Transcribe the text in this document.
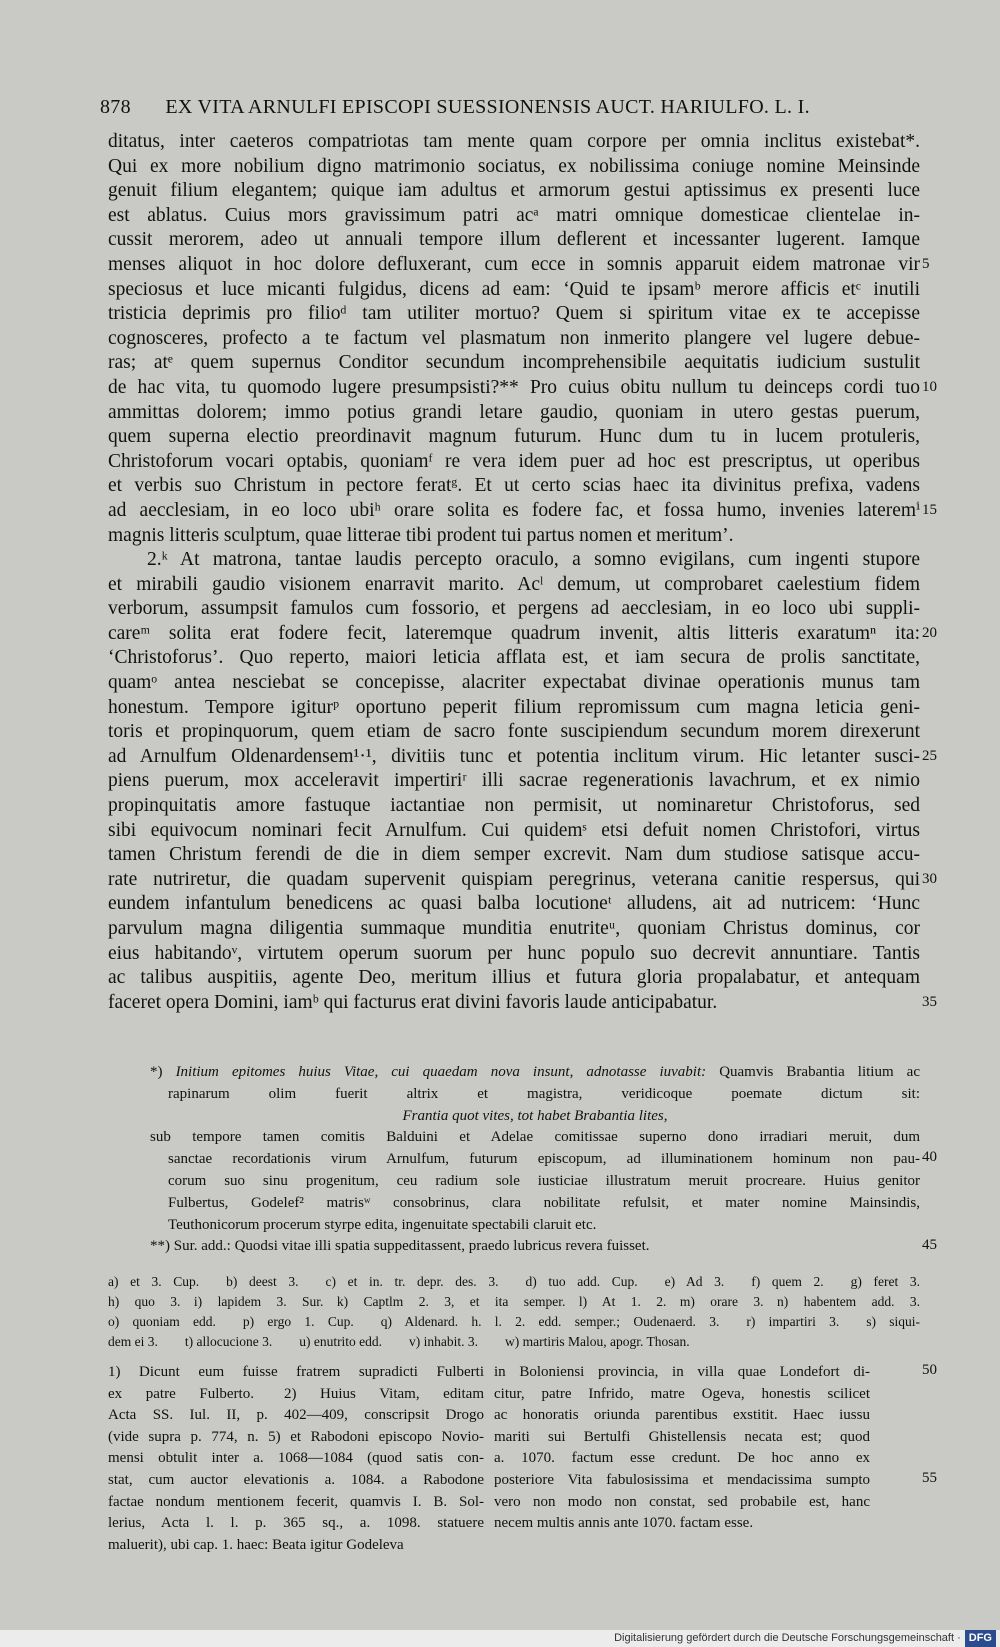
878 EX VITA ARNULFI EPISCOPI SUESSIONENSIS AUCT. HARIULFO. L. I.
ditatus, inter caeteros compatriotas tam mente quam corpore per omnia inclitus existebat*.
Qui ex more nobilium digno matrimonio sociatus, ex nobilissima coniuge nomine Meinsinde
genuit filium elegantem; quique iam adultus et armorum gestui aptissimus ex presenti luce
est ablatus. Cuius mors gravissimum patri acᵃ matri omnique domesticae clientelae in-
cussit merorem, adeo ut annuali tempore illum deflerent et incessanter lugerent. Iamque
menses aliquot in hoc dolore defluxerant, cum ecce in somnis apparuit eidem matronae vir
speciosus et luce micanti fulgidus, dicens ad eam: ‘Quid te ipsamᵇ merore afficis etᶜ inutili
tristicia deprimis pro filioᵈ tam utiliter mortuo? Quem si spiritum vitae ex te accepisse
cognosceres, profecto a te factum vel plasmatum non inmerito plangere vel lugere debue-
ras; atᵉ quem supernus Conditor secundum incomprehensibile aequitatis iudicium sustulit
de hac vita, tu quomodo lugere presumpsisti?** Pro cuius obitu nullum tu deinceps cordi tuo
ammittas dolorem; immo potius grandi letare gaudio, quoniam in utero gestas puerum,
quem superna electio preordinavit magnum futurum. Hunc dum tu in lucem protuleris,
Christoforum vocari optabis, quoniamᶠ re vera idem puer ad hoc est prescriptus, ut operibus
et verbis suo Christum in pectore feratᵍ. Et ut certo scias haec ita divinitus prefixa, vadens
ad aecclesiam, in eo loco ubiʰ orare solita es fodere fac, et fossa humo, invenies lateremⁱ
magnis litteris sculptum, quae litterae tibi prodent tui partus nomen et meritum’.
  2.ᵏ At matrona, tantae laudis percepto oraculo, a somno evigilans, cum ingenti stupore
et mirabili gaudio visionem enarravit marito. Acˡ demum, ut comprobaret caelestium fidem
verborum, assumpsit famulos cum fossorio, et pergens ad aecclesiam, in eo loco ubi suppli-
careᵐ solita erat fodere fecit, lateremque quadrum invenit, altis litteris exaratumⁿ ita:
‘Christoforus’. Quo reperto, maiori leticia afflata est, et iam secura de prolis sanctitate,
quamᵒ antea nesciebat se concepisse, alacriter expectabat divinae operationis munus tam
honestum. Tempore igiturᵖ oportuno peperit filium repromissum cum magna leticia geni-
toris et propinquorum, quem etiam de sacro fonte suscipiendum secundum morem direxerunt
ad Arnulfum Oldenardensem¹·¹, divitiis tunc et potentia inclitum virum. Hic letanter susci-
piens puerum, mox acceleravit impertiriʳ illi sacrae regenerationis lavachrum, et ex nimio
propinquitatis amore fastuque iactantiae non permisit, ut nominaretur Christoforus, sed
sibi equivocum nominari fecit Arnulfum. Cui quidemˢ etsi defuit nomen Christofori, virtus
tamen Christum ferendi de die in diem semper excrevit. Nam dum studiose satisque accu-
rate nutriretur, die quadam supervenit quispiam peregrinus, veterana canitie respersus, qui
eundem infantulum benedicens ac quasi balba locutioneᵗ alludens, ait ad nutricem: ‘Hunc
parvulum magna diligentia summaque munditia enutriteᵘ, quoniam Christus dominus, cor
eius habitandoᵛ, virtutem operum suorum per hunc populo suo decrevit annuntiare. Tantis
ac talibus auspitiis, agente Deo, meritum illius et futura gloria propalabatur, et antequam
faceret opera Domini, iamᵇ qui facturus erat divini favoris laude anticipabatur.
5
10
15
20
25
30
35
*) Initium epitomes huius Vitae, cui quaedam nova insunt, adnotasse iuvabit: Quamvis Brabantia litium ac
rapinarum olim fuerit altrix et magistra, veridicoque poemate dictum sit:
Frantia quot vites, tot habet Brabantia lites,
sub tempore tamen comitis Balduini et Adelae comitissae superno dono irradiari meruit, dum
sanctae recordationis virum Arnulfum, futurum episcopum, ad illuminationem hominum non pau-
corum suo sinu progenitum, ceu radium sole iusticiae illustratum meruit procreare. Huius genitor
Fulbertus, Godelef² matrisʷ consobrinus, clara nobilitate refulsit, et mater nomine Mainsindis,
Teuthonicorum procerum styrpe edita, ingenuitate spectabili claruit etc.
**) Sur. add.: Quodsi vitae illi spatia suppeditassent, praedo lubricus revera fuisset.
40
45
a) et 3. Cup.  b) deest 3.  c) et in. tr. depr. des. 3.  d) tuo add. Cup.  e) Ad 3.  f) quem 2.  g) feret 3.
h) quo 3. i) lapidem 3. Sur. k) Captlm 2. 3, et ita semper. l) At 1. 2. m) orare 3. n) habentem add. 3.
o) quoniam edd.  p) ergo 1. Cup.  q) Aldenard. h. l. 2. edd. semper.; Oudenaerd. 3.  r) impartiri 3.  s) siqui-
dem ei 3.  t) allocucione 3.  u) enutrito edd.  v) inhabit. 3.  w) martiris Malou, apogr. Thosan.
1) Dicunt eum fuisse fratrem supradicti Fulberti
ex patre Fulberto.  2) Huius Vitam, editam
Acta SS. Iul. II, p. 402—409, conscripsit Drogo
(vide supra p. 774, n. 5) et Rabodoni episcopo Novio-
mensi obtulit inter a. 1068—1084 (quod satis con-
stat, cum auctor elevationis a. 1084. a Rabodone
factae nondum mentionem fecerit, quamvis I. B. Sol-
lerius, Acta l. l. p. 365 sq., a. 1098. statuere
maluerit), ubi cap. 1. haec: Beata igitur Godeleva
in Boloniensi provincia, in villa quae Londefort di-
citur, patre Infrido, matre Ogeva, honestis scilicet
ac honoratis oriunda parentibus exstitit. Haec iussu
mariti sui Bertulfi Ghistellensis necata est; quod
a. 1070. factum esse credunt. De hoc anno ex
posteriore Vita fabulosissima et mendacissima sumpto
vero non modo non constat, sed probabile est, hanc
necem multis annis ante 1070. factam esse.
50
55
Digitalisierung gefördert durch die Deutsche Forschungsgemeinschaft · DFG
